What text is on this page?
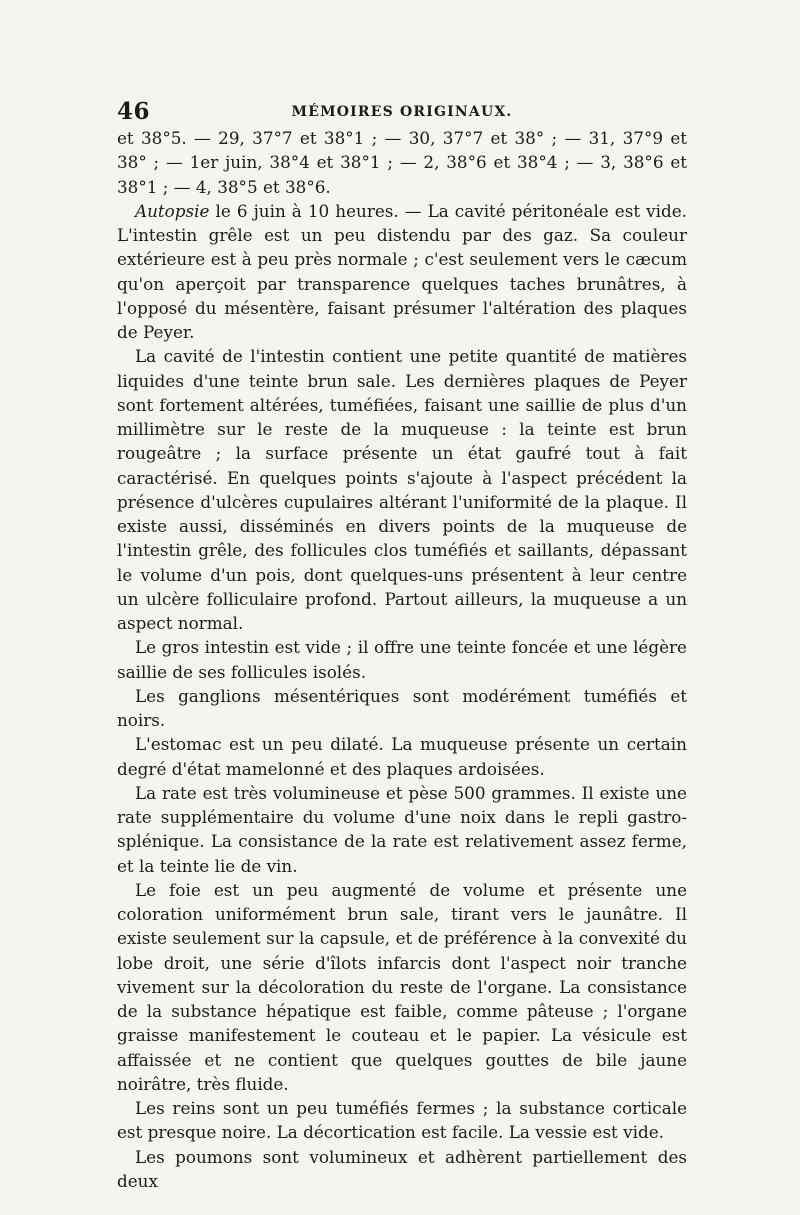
46	MÉMOIRES ORIGINAUX.

et 38°5. — 29, 37°7 et 38°1 ; — 30, 37°7 et 38° ; — 31, 37°9 et 38° ; — 1er juin, 38°4 et 38°1 ; — 2, 38°6 et 38°4 ; — 3, 38°6 et 38°1 ; — 4, 38°5 et 38°6.

Autopsie le 6 juin à 10 heures. — La cavité péritonéale est vide. L'intestin grêle est un peu distendu par des gaz. Sa couleur extérieure est à peu près normale ; c'est seulement vers le cæcum qu'on aperçoit par transparence quelques taches brunâtres, à l'opposé du mésentère, faisant présumer l'altération des plaques de Peyer.

La cavité de l'intestin contient une petite quantité de matières liquides d'une teinte brun sale. Les dernières plaques de Peyer sont fortement altérées, tuméfiées, faisant une saillie de plus d'un millimètre sur le reste de la muqueuse : la teinte est brun rougeâtre ; la surface présente un état gaufré tout à fait caractérisé. En quelques points s'ajoute à l'aspect précédent la présence d'ulcères cupulaires altérant l'uniformité de la plaque. Il existe aussi, disséminés en divers points de la muqueuse de l'intestin grêle, des follicules clos tuméfiés et saillants, dépassant le volume d'un pois, dont quelques-uns présentent à leur centre un ulcère folliculaire profond. Partout ailleurs, la muqueuse a un aspect normal.

Le gros intestin est vide ; il offre une teinte foncée et une légère saillie de ses follicules isolés.

Les ganglions mésentériques sont modérément tuméfiés et noirs.

L'estomac est un peu dilaté. La muqueuse présente un certain degré d'état mamelonné et des plaques ardoisées.

La rate est très volumineuse et pèse 500 grammes. Il existe une rate supplémentaire du volume d'une noix dans le repli gastro-splénique. La consistance de la rate est relativement assez ferme, et la teinte lie de vin.

Le foie est un peu augmenté de volume et présente une coloration uniformément brun sale, tirant vers le jaunâtre. Il existe seulement sur la capsule, et de préférence à la convexité du lobe droit, une série d'îlots infarcis dont l'aspect noir tranche vivement sur la décoloration du reste de l'organe. La consistance de la substance hépatique est faible, comme pâteuse ; l'organe graisse manifestement le couteau et le papier. La vésicule est affaissée et ne contient que quelques gouttes de bile jaune noirâtre, très fluide.

Les reins sont un peu tuméfiés fermes ; la substance corticale est presque noire. La décortication est facile. La vessie est vide.

Les poumons sont volumineux et adhèrent partiellement des deux
